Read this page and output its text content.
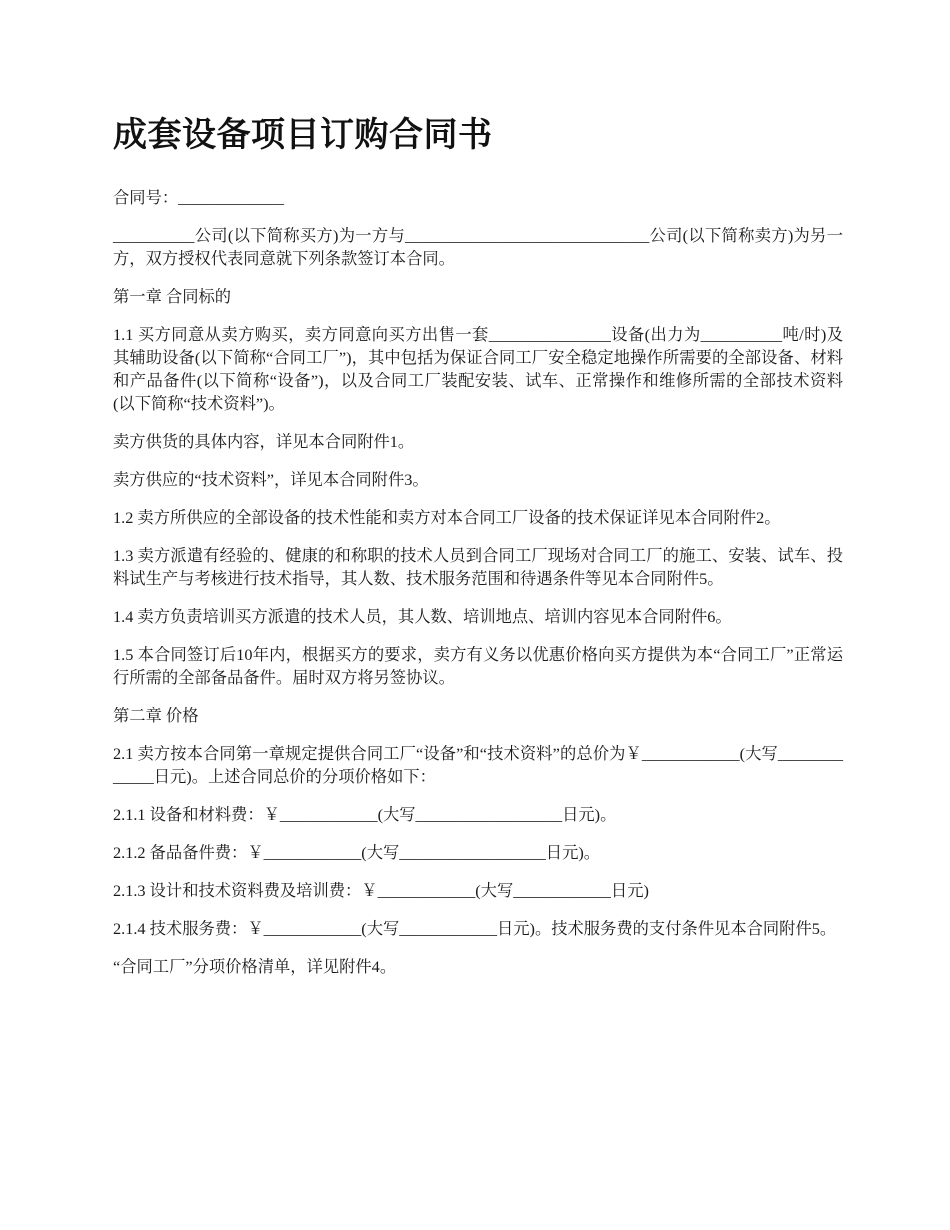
成套设备项目订购合同书

合同号：_____________

__________公司(以下简称买方)为一方与______________________________公司(以下简称卖方)为另一方，双方授权代表同意就下列条款签订本合同。

第一章 合同标的

1.1 买方同意从卖方购买，卖方同意向买方出售一套_______________设备(出力为__________吨/时)及其辅助设备(以下简称“合同工厂”)，其中包括为保证合同工厂安全稳定地操作所需要的全部设备、材料和产品备件(以下简称“设备”)，以及合同工厂装配安装、试车、正常操作和维修所需的全部技术资料(以下简称“技术资料”)。

卖方供货的具体内容，详见本合同附件1。

卖方供应的“技术资料”，详见本合同附件3。

1.2 卖方所供应的全部设备的技术性能和卖方对本合同工厂设备的技术保证详见本合同附件2。

1.3 卖方派遣有经验的、健康的和称职的技术人员到合同工厂现场对合同工厂的施工、安装、试车、投料试生产与考核进行技术指导，其人数、技术服务范围和待遇条件等见本合同附件5。

1.4 卖方负责培训买方派遣的技术人员，其人数、培训地点、培训内容见本合同附件6。

1.5 本合同签订后10年内，根据买方的要求，卖方有义务以优惠价格向买方提供为本“合同工厂”正常运行所需的全部备品备件。届时双方将另签协议。

第二章 价格

2.1 卖方按本合同第一章规定提供合同工厂“设备”和“技术资料”的总价为￥____________(大写_____________日元)。上述合同总价的分项价格如下：

2.1.1 设备和材料费：￥____________(大写__________________日元)。

2.1.2 备品备件费：￥____________(大写__________________日元)。

2.1.3 设计和技术资料费及培训费：￥____________(大写____________日元)

2.1.4 技术服务费：￥____________(大写____________日元)。技术服务费的支付条件见本合同附件5。

“合同工厂”分项价格清单，详见附件4。
